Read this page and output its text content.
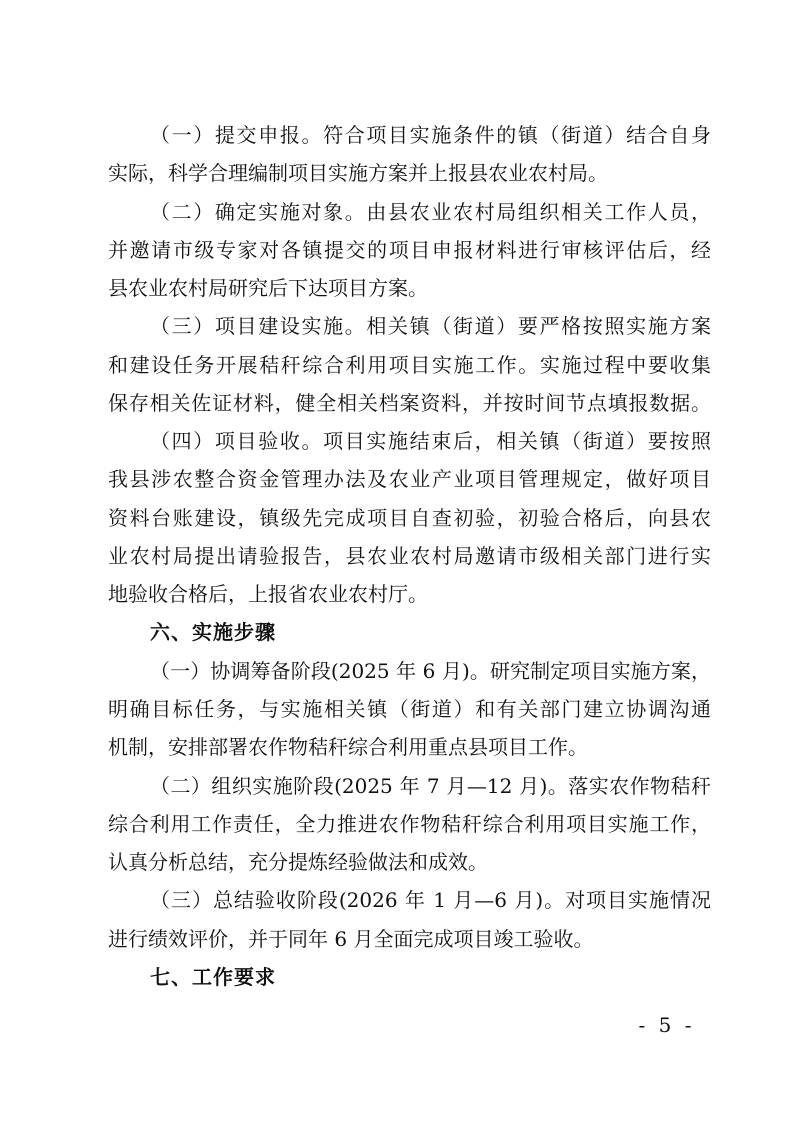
（一）提交申报。符合项目实施条件的镇（街道）结合自身
实际，科学合理编制项目实施方案并上报县农业农村局。
（二）确定实施对象。由县农业农村局组织相关工作人员，
并邀请市级专家对各镇提交的项目申报材料进行审核评估后，经
县农业农村局研究后下达项目方案。
（三）项目建设实施。相关镇（街道）要严格按照实施方案
和建设任务开展秸秆综合利用项目实施工作。实施过程中要收集
保存相关佐证材料，健全相关档案资料，并按时间节点填报数据。
（四）项目验收。项目实施结束后，相关镇（街道）要按照
我县涉农整合资金管理办法及农业产业项目管理规定，做好项目
资料台账建设，镇级先完成项目自查初验，初验合格后，向县农
业农村局提出请验报告，县农业农村局邀请市级相关部门进行实
地验收合格后，上报省农业农村厅。
六、实施步骤
（一）协调筹备阶段(2025 年 6 月)。研究制定项目实施方案，
明确目标任务，与实施相关镇（街道）和有关部门建立协调沟通
机制，安排部署农作物秸秆综合利用重点县项目工作。
（二）组织实施阶段(2025 年 7 月—12 月)。落实农作物秸秆
综合利用工作责任，全力推进农作物秸秆综合利用项目实施工作，
认真分析总结，充分提炼经验做法和成效。
（三）总结验收阶段(2026 年 1 月—6 月)。对项目实施情况
进行绩效评价，并于同年 6 月全面完成项目竣工验收。
七、工作要求
- 5 -
